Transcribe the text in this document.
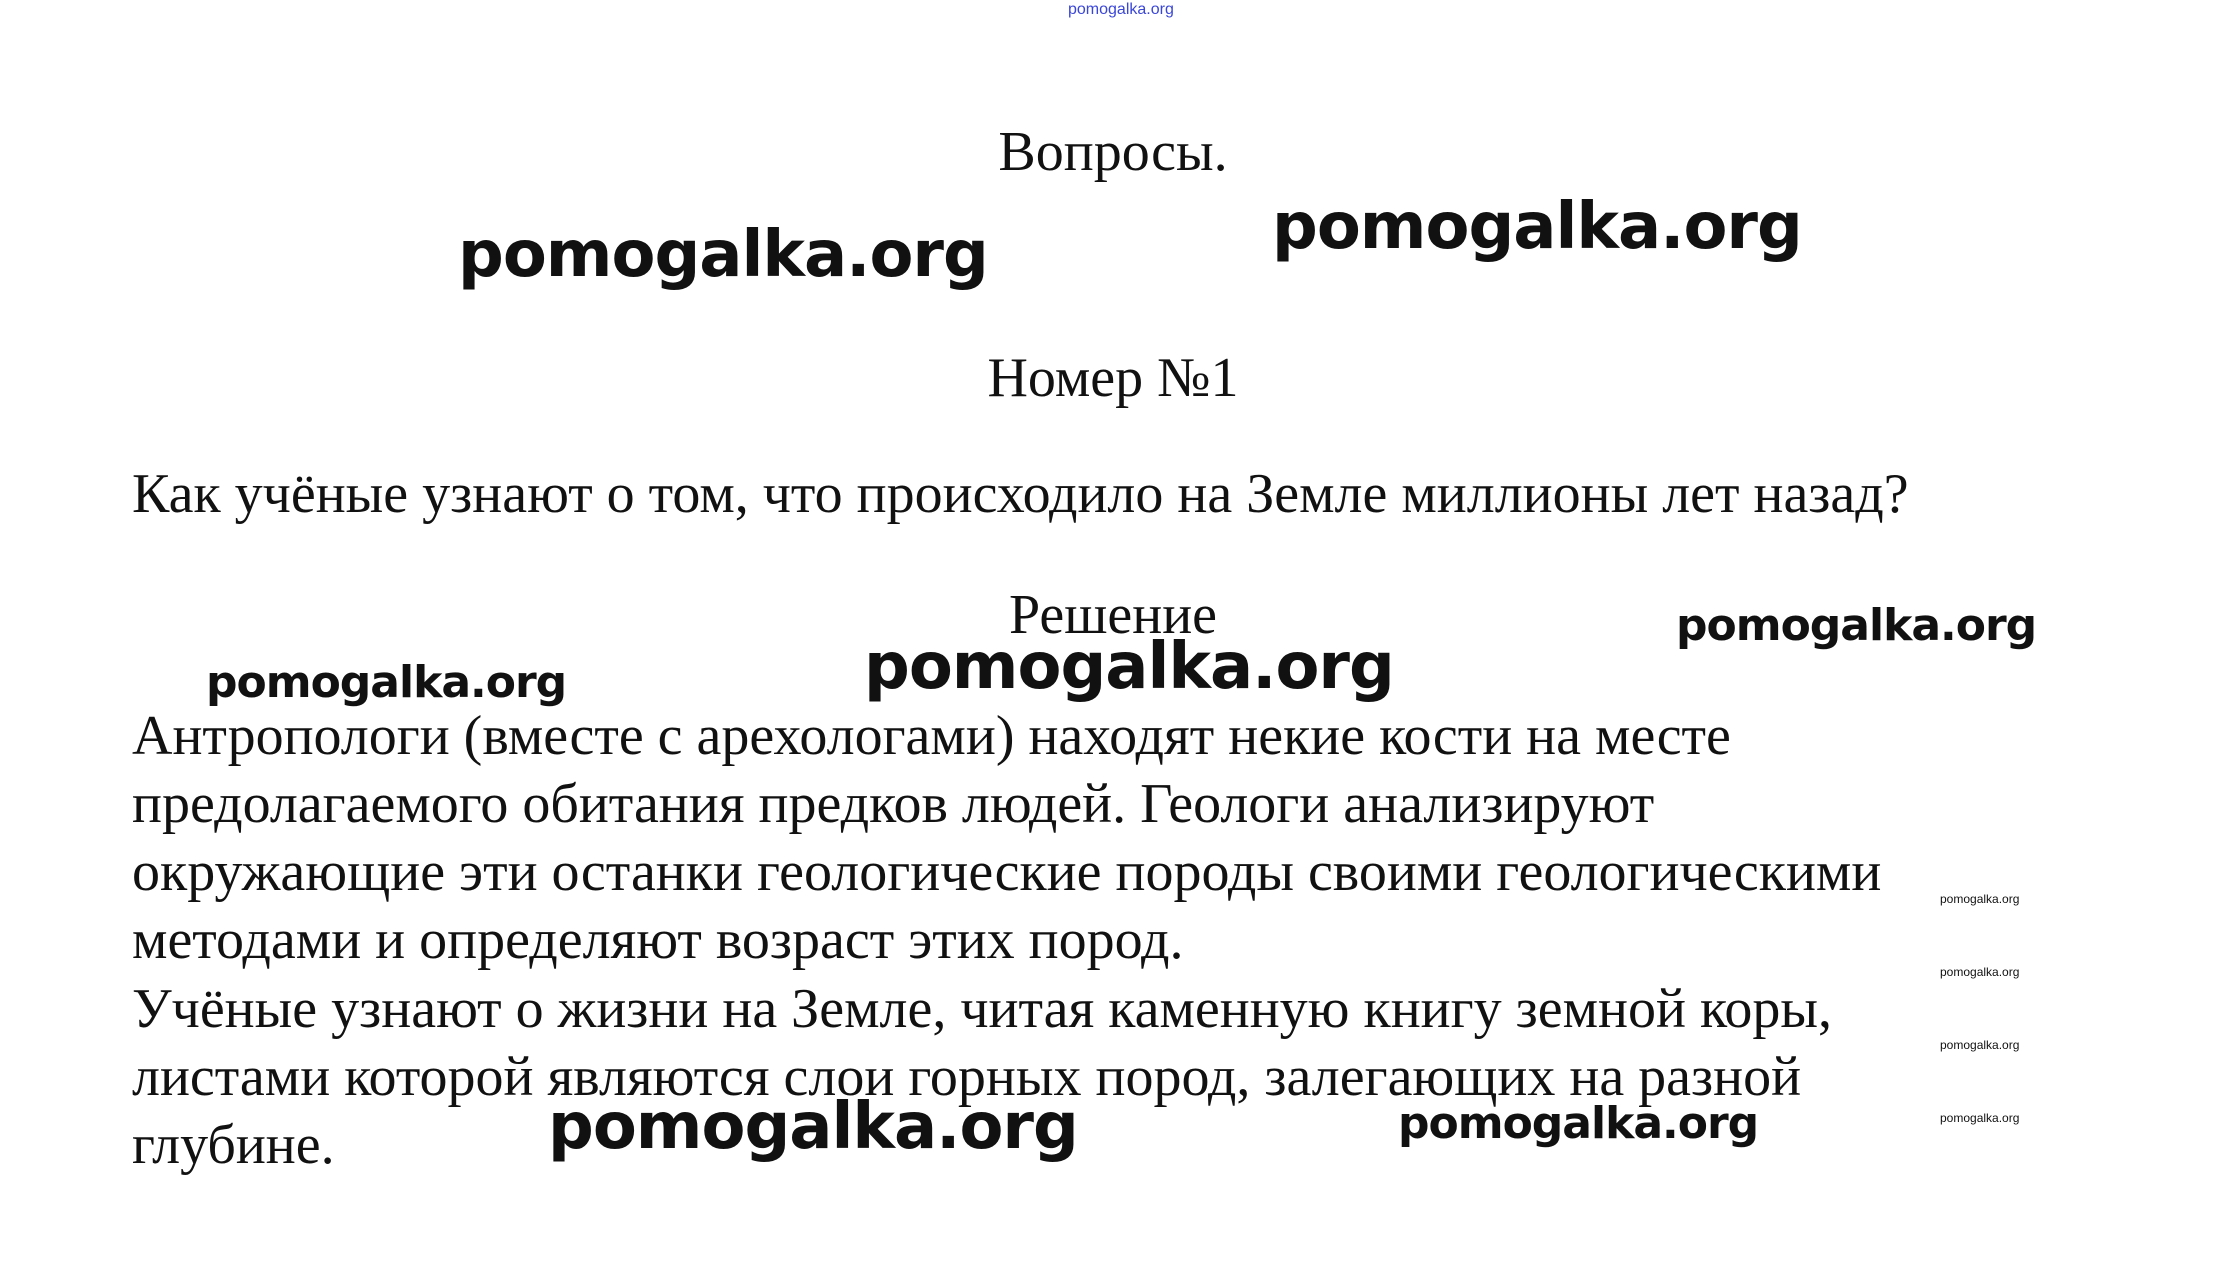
pomogalka.org
Вопросы.
Номер №1
Как учёные узнают о том, что происходило на Земле миллионы лет назад?
Решение
Антропологи (вместе с арехологами) находят некие кости на месте
предолагаемого обитания предков людей. Геологи анализируют
окружающие эти останки геологические породы своими геологическими
методами и определяют возраст этих пород.
Учёные узнают о жизни на Земле, читая каменную книгу земной коры,
листами которой являются слои горных пород, залегающих на разной
глубине.
pomogalka.org	pomogalka.org
pomogalka.org
pomogalka.org	pomogalka.org
pomogalka.org	pomogalka.org
pomogalka.org
pomogalka.org
pomogalka.org
pomogalka.org
